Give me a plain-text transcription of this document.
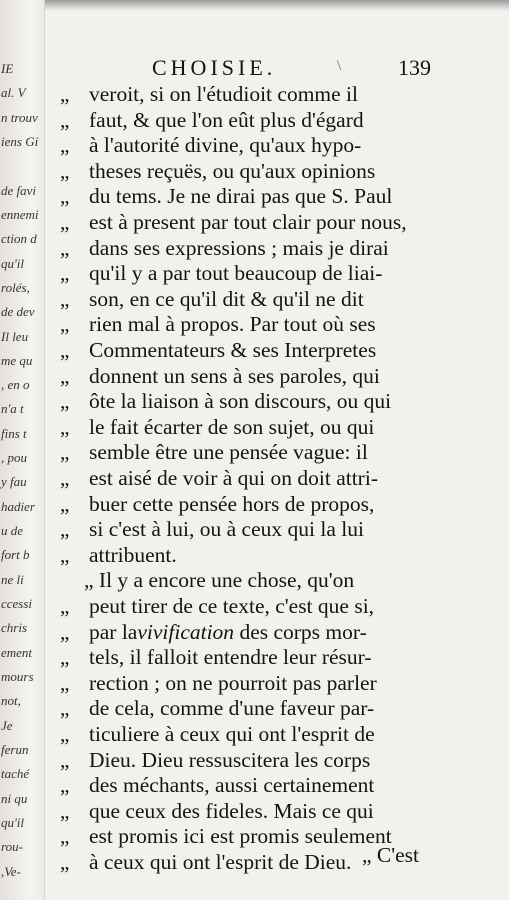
IE
al. V
n trouv
iens Gi
de favi
ennemi
ction d
qu'il
rolés,
de dev
Il leu
me qu
, en o
n'a t
fins t
, pou
y fau
hadier
u de
fort b
ne li
ccessi
chris
ement
mours
not,
Je
ferun
taché
ni qu
qu'il
rou-
,Ve-
CHOISIE.	\	139
„ veroit, si on l'étudioit comme il
„ faut, & que l'on eût plus d'égard
„ à l'autorité divine, qu'aux hypo-
„ theses reçuës, ou qu'aux opinions
„ du tems. Je ne dirai pas que S. Paul
„ est à present par tout clair pour nous,
„ dans ses expressions ; mais je dirai
„ qu'il y a par tout beaucoup de liai-
„ son, en ce qu'il dit & qu'il ne dit
„ rien mal à propos. Par tout où ses
„ Commentateurs & ses Interpretes
„ donnent un sens à ses paroles, qui
„ ôte la liaison à son discours, ou qui
„ le fait écarter de son sujet, ou qui
„ semble être une pensée vague: il
„ est aisé de voir à qui on doit attri-
„ buer cette pensée hors de propos,
„ si c'est à lui, ou à ceux qui la lui
„ attribuent.
„ Il y a encore une chose, qu'on
„ peut tirer de ce texte, c'est que si,
„ par lavivification des corps mor-
„ tels, il falloit entendre leur résur-
„ rection ; on ne pourroit pas parler
„ de cela, comme d'une faveur par-
„ ticuliere à ceux qui ont l'esprit de
„ Dieu. Dieu ressuscitera les corps
„ des méchants, aussi certainement
„ que ceux des fideles. Mais ce qui
„ est promis ici est promis seulement
„ à ceux qui ont l'esprit de Dieu. „ C'est
